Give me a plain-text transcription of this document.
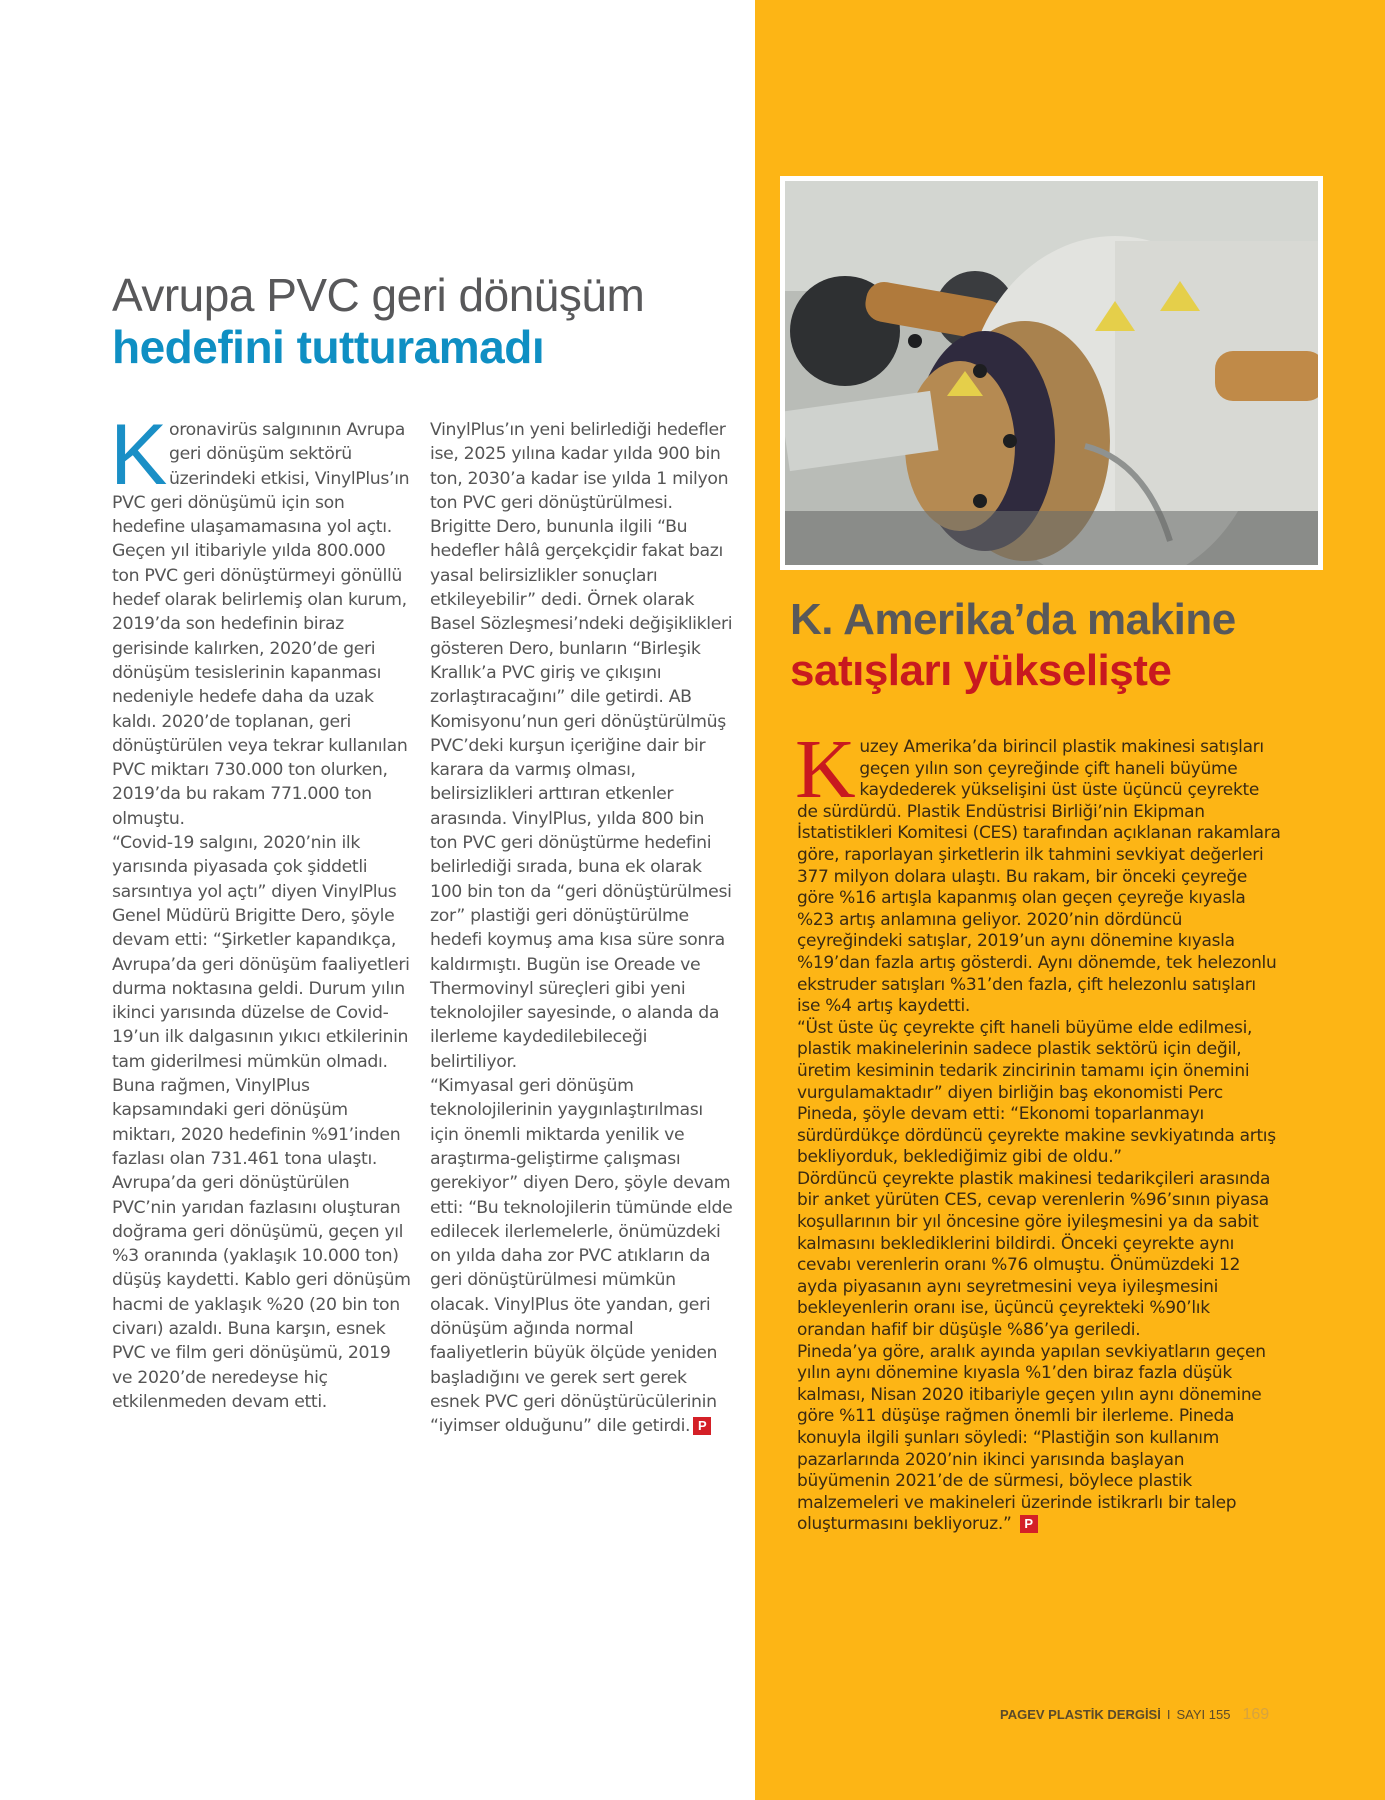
Avrupa PVC geri dönüşüm
hedefini tutturamadı
K oronavirüs salgınının Avrupa geri dönüşüm sektörü üzerindeki etkisi, VinylPlus’ın PVC geri dönüşümü için son hedefine ulaşamamasına yol açtı. Geçen yıl itibariyle yılda 800.000 ton PVC geri dönüştürmeyi gönüllü hedef olarak belirlemiş olan kurum, 2019’da son hedefinin biraz gerisinde kalırken, 2020’de geri dönüşüm tesislerinin kapanması nedeniyle hedefe daha da uzak kaldı. 2020’de toplanan, geri dönüştürülen veya tekrar kullanılan PVC miktarı 730.000 ton olurken, 2019’da bu rakam 771.000 ton olmuştu.

“Covid-19 salgını, 2020’nin ilk yarısında piyasada çok şiddetli sarsıntıya yol açtı” diyen VinylPlus Genel Müdürü Brigitte Dero, şöyle devam etti: “Şirketler kapandıkça, Avrupa’da geri dönüşüm faaliyetleri durma noktasına geldi. Durum yılın ikinci yarısında düzelse de Covid-19’un ilk dalgasının yıkıcı etkilerinin tam giderilmesi mümkün olmadı. Buna rağmen, VinylPlus kapsamındaki geri dönüşüm miktarı, 2020 hedefinin %91’inden fazlası olan 731.461 tona ulaştı. Avrupa’da geri dönüştürülen PVC’nin yarıdan fazlasını oluşturan doğrama geri dönüşümü, geçen yıl %3 oranında (yaklaşık 10.000 ton) düşüş kaydetti. Kablo geri dönüşüm hacmi de yaklaşık %20 (20 bin ton civarı) azaldı. Buna karşın, esnek PVC ve film geri dönüşümü, 2019 ve 2020’de neredeyse hiç etkilenmeden devam etti.

VinylPlus’ın yeni belirlediği hedefler ise, 2025 yılına kadar yılda 900 bin ton, 2030’a kadar ise yılda 1 milyon ton PVC geri dönüştürülmesi. Brigitte Dero, bununla ilgili “Bu hedefler hâlâ gerçekçidir fakat bazı yasal belirsizlikler sonuçları etkileyebilir” dedi. Örnek olarak Basel Sözleşmesi’ndeki değişiklikleri gösteren Dero, bunların “Birleşik Krallık’a PVC giriş ve çıkışını zorlaştıracağını” dile getirdi. AB Komisyonu’nun geri dönüştürülmüş PVC’deki kurşun içeriğine dair bir karara da varmış olması, belirsizlikleri arttıran etkenler arasında. VinylPlus, yılda 800 bin ton PVC geri dönüştürme hedefini belirlediği sırada, buna ek olarak 100 bin ton da “geri dönüştürülmesi zor” plastiği geri dönüştürülme hedefi koymuş ama kısa süre sonra kaldırmıştı. Bugün ise Oreade ve Thermovinyl süreçleri gibi yeni teknolojiler sayesinde, o alanda da ilerleme kaydedilebileceği belirtiliyor.

“Kimyasal geri dönüşüm teknolojilerinin yaygınlaştırılması için önemli miktarda yenilik ve araştırma-geliştirme çalışması gerekiyor” diyen Dero, şöyle devam etti: “Bu teknolojilerin tümünde elde edilecek ilerlemelerle, önümüzdeki on yılda daha zor PVC atıkların da geri dönüştürülmesi mümkün olacak. VinylPlus öte yandan, geri dönüşüm ağında normal faaliyetlerin büyük ölçüde yeniden başladığını ve gerek sert gerek esnek PVC geri dönüştürücülerinin “iyimser olduğunu” dile getirdi. P

K. Amerika’da makine
satışları yükselişte
K uzey Amerika’da birincil plastik makinesi satışları geçen yılın son çeyreğinde çift haneli büyüme kaydederek yükselişini üst üste üçüncü çeyrekte de sürdürdü. Plastik Endüstrisi Birliği’nin Ekipman İstatistikleri Komitesi (CES) tarafından açıklanan rakamlara göre, raporlayan şirketlerin ilk tahmini sevkiyat değerleri 377 milyon dolara ulaştı. Bu rakam, bir önceki çeyreğe göre %16 artışla kapanmış olan geçen çeyreğe kıyasla %23 artış anlamına geliyor. 2020’nin dördüncü çeyreğindeki satışlar, 2019’un aynı dönemine kıyasla %19’dan fazla artış gösterdi. Aynı dönemde, tek helezonlu ekstruder satışları %31’den fazla, çift helezonlu satışları ise %4 artış kaydetti.

“Üst üste üç çeyrekte çift haneli büyüme elde edilmesi, plastik makinelerinin sadece plastik sektörü için değil, üretim kesiminin tedarik zincirinin tamamı için önemini vurgulamaktadır” diyen birliğin baş ekonomisti Perc Pineda, şöyle devam etti: “Ekonomi toparlanmayı sürdürdükçe dördüncü çeyrekte makine sevkiyatında artış bekliyorduk, beklediğimiz gibi de oldu.”

Dördüncü çeyrekte plastik makinesi tedarikçileri arasında bir anket yürüten CES, cevap verenlerin %96’sının piyasa koşullarının bir yıl öncesine göre iyileşmesini ya da sabit kalmasını beklediklerini bildirdi. Önceki çeyrekte aynı cevabı verenlerin oranı %76 olmuştu. Önümüzdeki 12 ayda piyasanın aynı seyretmesini veya iyileşmesini bekleyenlerin oranı ise, üçüncü çeyrekteki %90’lık orandan hafif bir düşüşle %86’ya geriledi.

Pineda’ya göre, aralık ayında yapılan sevkiyatların geçen yılın aynı dönemine kıyasla %1’den biraz fazla düşük kalması, Nisan 2020 itibariyle geçen yılın aynı dönemine göre %11 düşüşe rağmen önemli bir ilerleme. Pineda konuyla ilgili şunları söyledi: “Plastiğin son kullanım pazarlarında 2020’nin ikinci yarısında başlayan büyümenin 2021’de de sürmesi, böylece plastik malzemeleri ve makineleri üzerinde istikrarlı bir talep oluşturmasını bekliyoruz.” P

PAGEV PLASTİK DERGİSİ I SAYI 155 169
